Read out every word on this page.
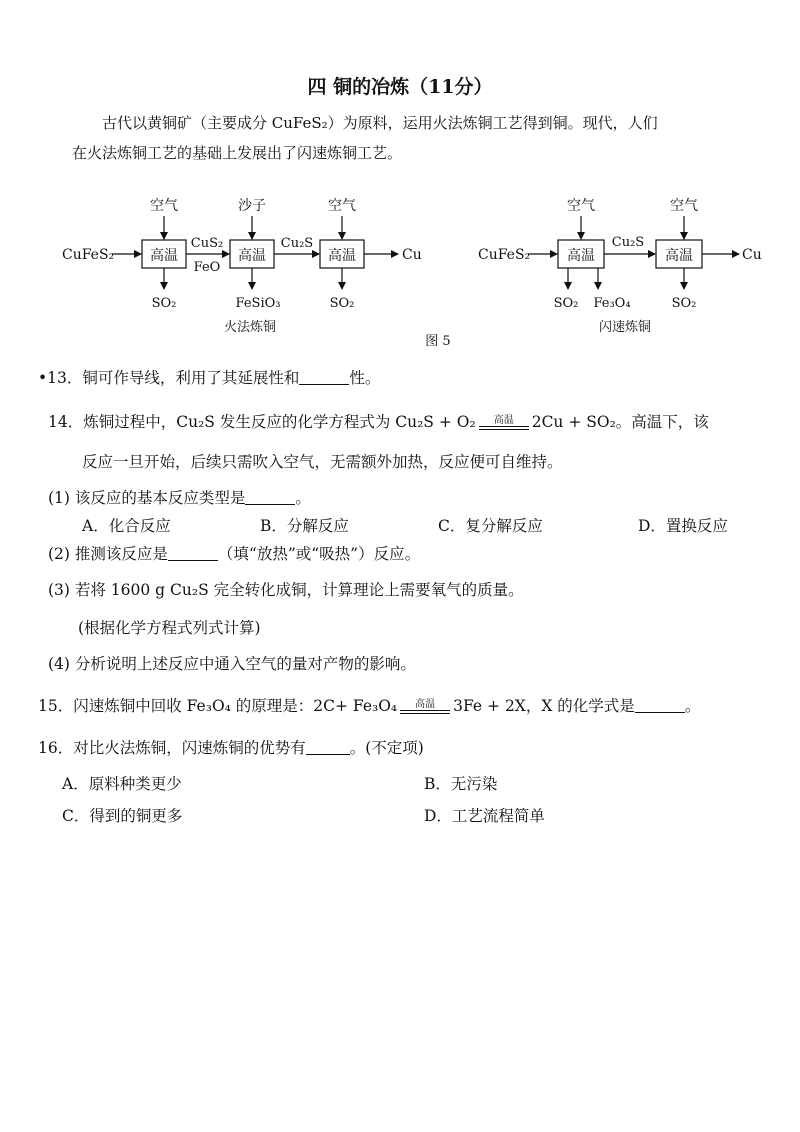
四 铜的冶炼（11分）

古代以黄铜矿（主要成分 CuFeS₂）为原料，运用火法炼铜工艺得到铜。现代，人们

在火法炼铜工艺的基础上发展出了闪速炼铜工艺。

CuFeS₂	高温
空气
SO₂
CuS₂
FeO
高温
沙子
FeSiO₃
Cu₂S
高温
空气
SO₂
Cu
火法炼铜
CuFeS₂	高温
空气
SO₂ Fe₃O₄
Cu₂S
高温
空气
SO₂
Cu
闪速炼铜
图 5
•13．铜可作导线，利用了其延展性和	性。
14．炼铜过程中，Cu₂S 发生反应的化学方程式为 Cu₂S + O₂	高温	2Cu + SO₂。高温下，该
反应一旦开始，后续只需吹入空气，无需额外加热，反应便可自维持。
(1) 该反应的基本反应类型是	。
A．化合反应	B．分解反应	C．复分解反应	D．置换反应
(2) 推测该反应是	（填“放热”或“吸热”）反应。
(3) 若将 1600 g Cu₂S 完全转化成铜，计算理论上需要氧气的质量。
(根据化学方程式列式计算)
(4) 分析说明上述反应中通入空气的量对产物的影响。
15．闪速炼铜中回收 Fe₃O₄ 的原理是：2C+ Fe₃O₄	高温	3Fe + 2X，X 的化学式是	。
16．对比火法炼铜，闪速炼铜的优势有	。(不定项)
A．原料种类更少	B．无污染
C．得到的铜更多	D．工艺流程简单
